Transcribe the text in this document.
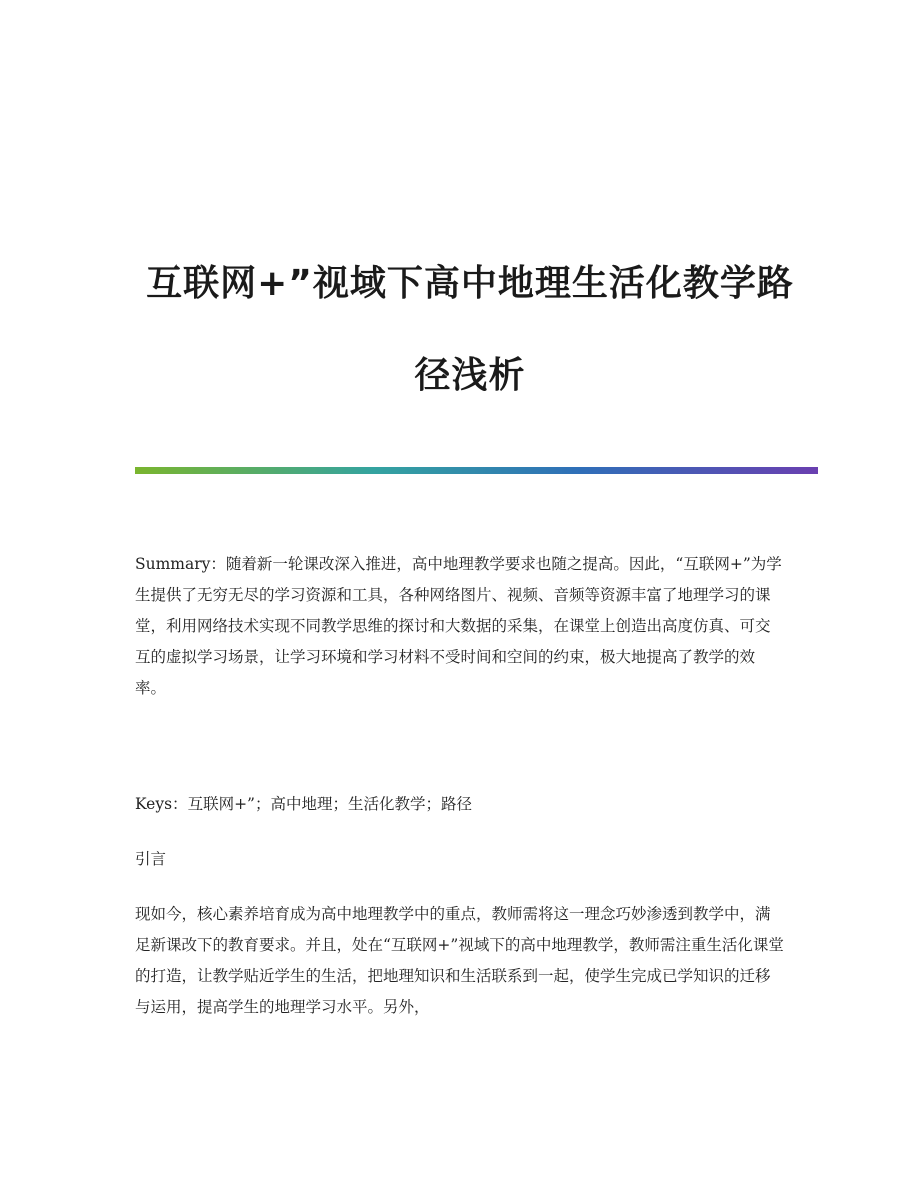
互联网+”视域下高中地理生活化教学路
径浅析

Summary：随着新一轮课改深入推进，高中地理教学要求也随之提高。因此，“互联网+”为学生提供了无穷无尽的学习资源和工具，各种网络图片、视频、音频等资源丰富了地理学习的课堂，利用网络技术实现不同教学思维的探讨和大数据的采集，在课堂上创造出高度仿真、可交互的虚拟学习场景，让学习环境和学习材料不受时间和空间的约束，极大地提高了教学的效率。

Keys：互联网+”；高中地理；生活化教学；路径

引言

现如今，核心素养培育成为高中地理教学中的重点，教师需将这一理念巧妙渗透到教学中，满足新课改下的教育要求。并且，处在“互联网+”视域下的高中地理教学，教师需注重生活化课堂的打造，让教学贴近学生的生活，把地理知识和生活联系到一起，使学生完成已学知识的迁移与运用，提高学生的地理学习水平。另外，
